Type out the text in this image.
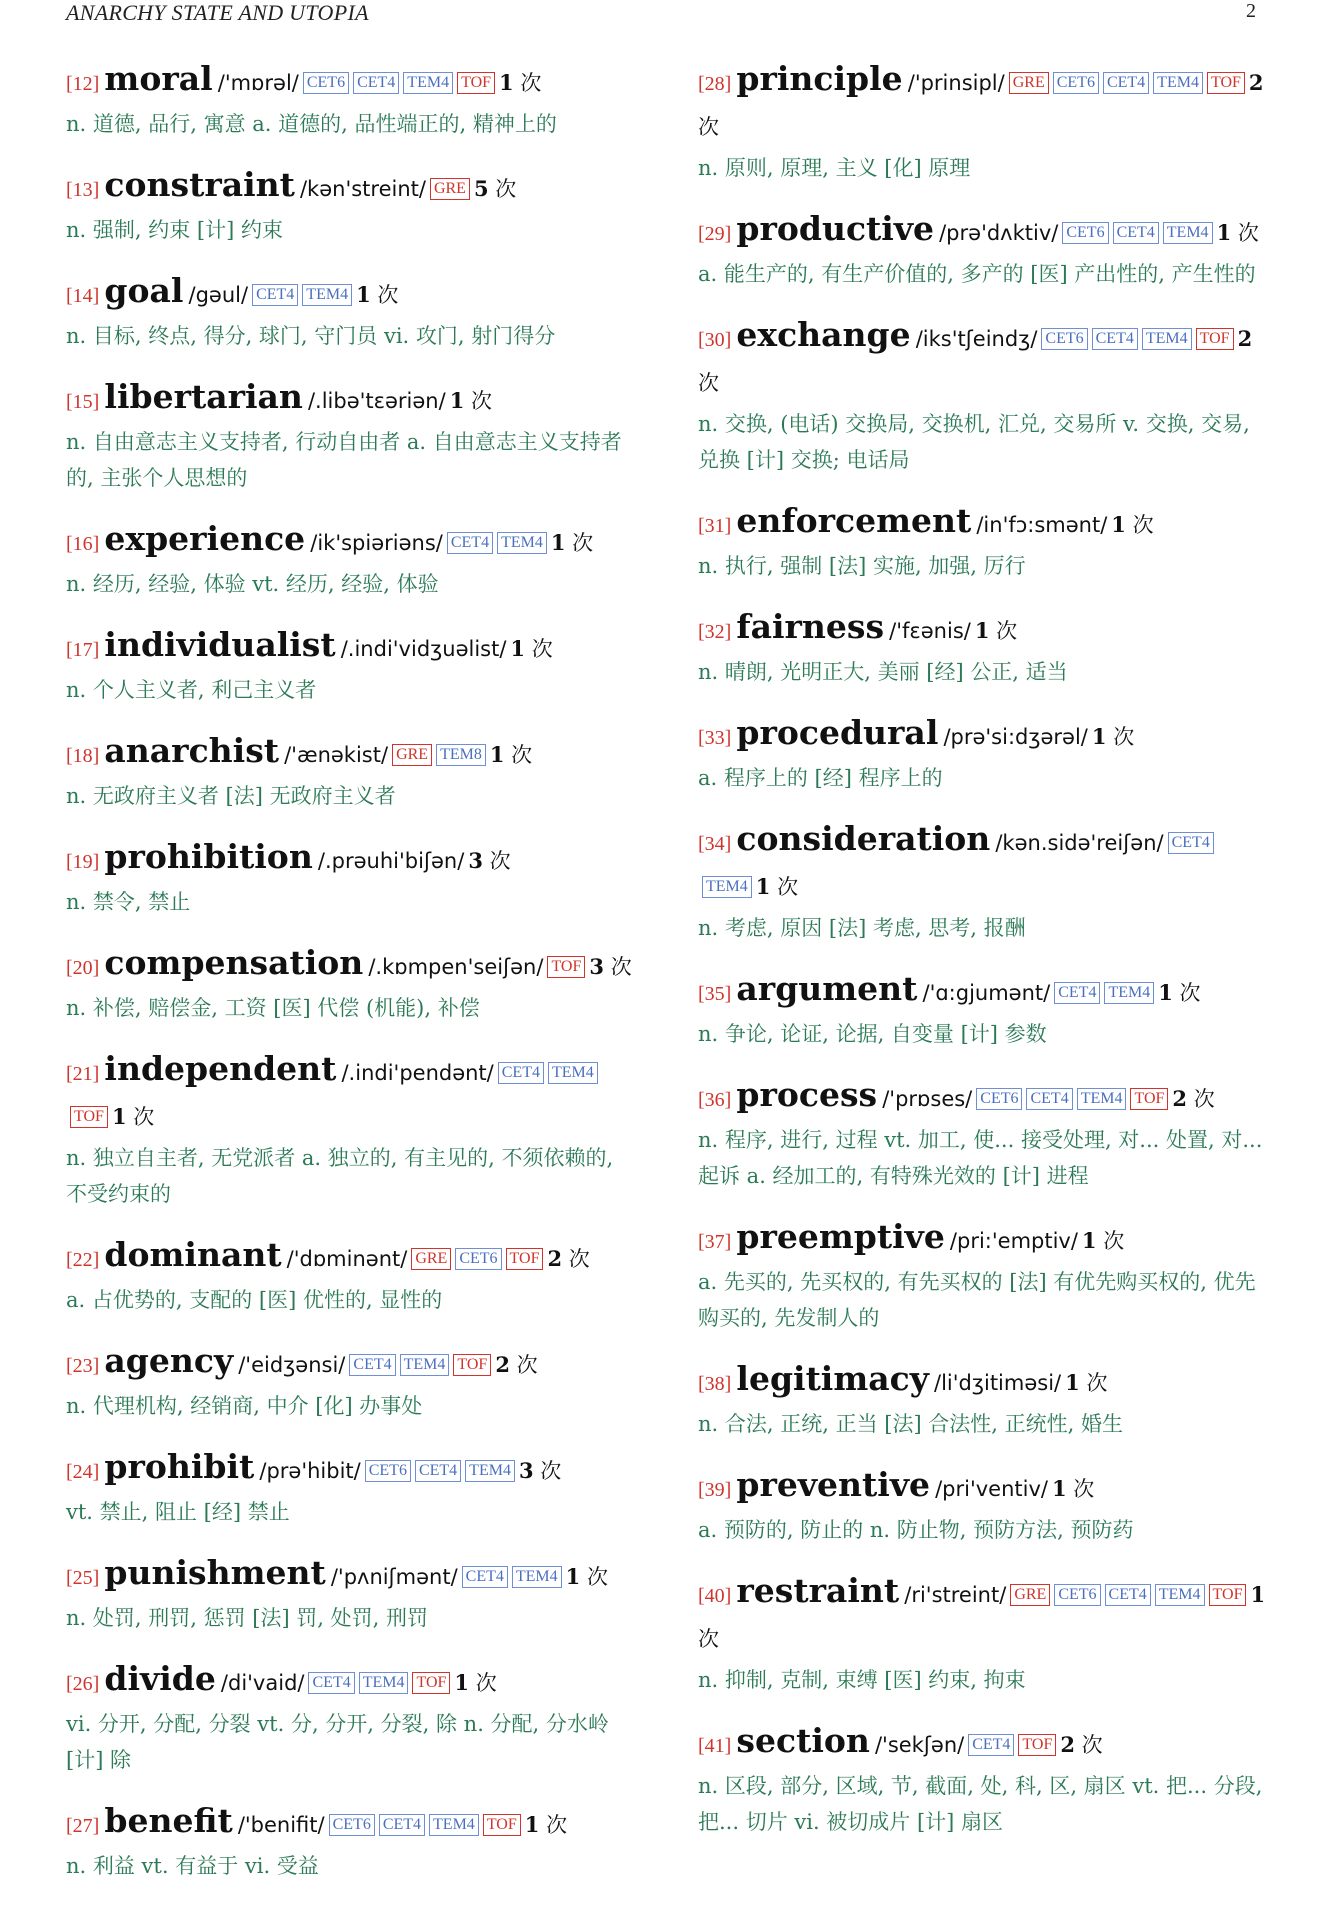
ANARCHY STATE AND UTOPIA	2
[12] moral /'mɒrəl/ CET6 CET4 TEM4 TOF 1 次
n. 道德, 品行, 寓意 a. 道德的, 品性端正的, 精神上的
[13] constraint /kən'streint/ GRE 5 次
n. 强制, 约束 [计] 约束
[14] goal /gəul/ CET4 TEM4 1 次
n. 目标, 终点, 得分, 球门, 守门员 vi. 攻门, 射门得分
[15] libertarian /.libə'tɛəriən/ 1 次
n. 自由意志主义支持者, 行动自由者 a. 自由意志主义支持者的, 主张个人思想的
[16] experience /ik'spiəriəns/ CET4 TEM4 1 次
n. 经历, 经验, 体验 vt. 经历, 经验, 体验
[17] individualist /.indi'vidʒuəlist/ 1 次
n. 个人主义者, 利己主义者
[18] anarchist /'ænəkist/ GRE TEM8 1 次
n. 无政府主义者 [法] 无政府主义者
[19] prohibition /.prəuhi'biʃən/ 3 次
n. 禁令, 禁止
[20] compensation /.kɒmpen'seiʃən/ TOF 3 次
n. 补偿, 赔偿金, 工资 [医] 代偿 (机能), 补偿
[21] independent /.indi'pendənt/ CET4 TEM4TOF 1 次
n. 独立自主者, 无党派者 a. 独立的, 有主见的, 不须依赖的, 不受约束的
[22] dominant /'dɒminənt/ GRE CET6 TOF 2 次
a. 占优势的, 支配的 [医] 优性的, 显性的
[23] agency /'eidʒənsi/ CET4 TEM4 TOF 2 次
n. 代理机构, 经销商, 中介 [化] 办事处
[24] prohibit /prə'hibit/ CET6 CET4 TEM4 3 次
vt. 禁止, 阻止 [经] 禁止
[25] punishment /'pʌniʃmənt/ CET4 TEM4 1 次
n. 处罚, 刑罚, 惩罚 [法] 罚, 处罚, 刑罚
[26] divide /di'vaid/ CET4 TEM4 TOF 1 次
vi. 分开, 分配, 分裂 vt. 分, 分开, 分裂, 除 n. 分配, 分水岭 [计] 除
[27] benefit /'benifit/ CET6 CET4 TEM4 TOF 1 次
n. 利益 vt. 有益于 vi. 受益
[28] principle /'prinsipl/ GRE CET6 CET4 TEM4 TOF 2 次
n. 原则, 原理, 主义 [化] 原理
[29] productive /prə'dʌktiv/ CET6 CET4 TEM4 1 次
a. 能生产的, 有生产价值的, 多产的 [医] 产出性的, 产生性的
[30] exchange /iks'tʃeindʒ/ CET6 CET4 TEM4 TOF 2 次
n. 交换, (电话) 交换局, 交换机, 汇兑, 交易所 v. 交换, 交易, 兑换 [计] 交换; 电话局
[31] enforcement /in'fɔ:smənt/ 1 次
n. 执行, 强制 [法] 实施, 加强, 厉行
[32] fairness /'fɛənis/ 1 次
n. 晴朗, 光明正大, 美丽 [经] 公正, 适当
[33] procedural /prə'si:dʒərəl/ 1 次
a. 程序上的 [经] 程序上的
[34] consideration /kən.sidə'reiʃən/ CET4TEM4 1 次
n. 考虑, 原因 [法] 考虑, 思考, 报酬
[35] argument /'ɑ:gjumənt/ CET4 TEM4 1 次
n. 争论, 论证, 论据, 自变量 [计] 参数
[36] process /'prɒses/ CET6 CET4 TEM4 TOF 2 次
n. 程序, 进行, 过程 vt. 加工, 使... 接受处理, 对... 处置, 对... 起诉 a. 经加工的, 有特殊光效的 [计] 进程
[37] preemptive /pri:'emptiv/ 1 次
a. 先买的, 先买权的, 有先买权的 [法] 有优先购买权的, 优先购买的, 先发制人的
[38] legitimacy /li'dʒitiməsi/ 1 次
n. 合法, 正统, 正当 [法] 合法性, 正统性, 婚生
[39] preventive /pri'ventiv/ 1 次
a. 预防的, 防止的 n. 防止物, 预防方法, 预防药
[40] restraint /ri'streint/ GRE CET6 CET4 TEM4 TOF 1 次
n. 抑制, 克制, 束缚 [医] 约束, 拘束
[41] section /'sekʃən/ CET4 TOF 2 次
n. 区段, 部分, 区域, 节, 截面, 处, 科, 区, 扇区 vt. 把... 分段, 把... 切片 vi. 被切成片 [计] 扇区
